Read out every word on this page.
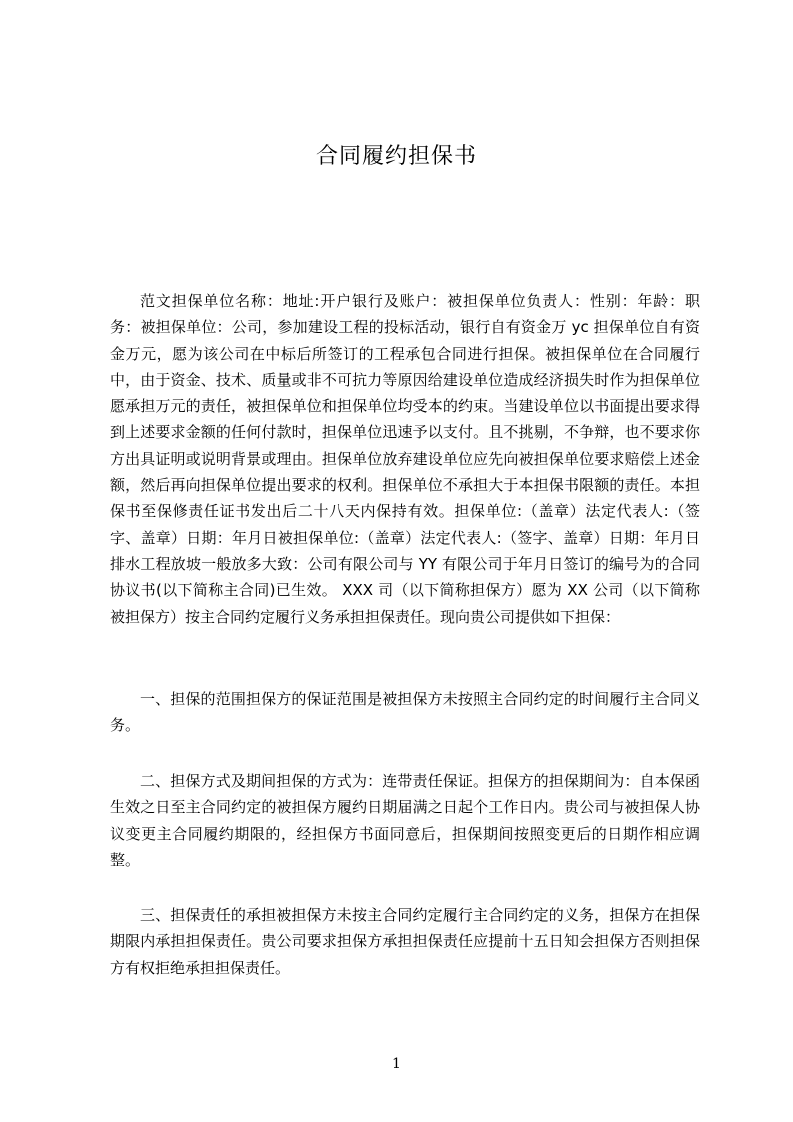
合同履约担保书

范文担保单位名称：地址:开户银行及账户：被担保单位负责人：性别：年龄：职务：被担保单位：公司，参加建设工程的投标活动，银行自有资金万 yc 担保单位自有资金万元，愿为该公司在中标后所签订的工程承包合同进行担保。被担保单位在合同履行中，由于资金、技术、质量或非不可抗力等原因给建设单位造成经济损失时作为担保单位愿承担万元的责任，被担保单位和担保单位均受本的约束。当建设单位以书面提出要求得到上述要求金额的任何付款时，担保单位迅速予以支付。且不挑剔，不争辩，也不要求你方出具证明或说明背景或理由。担保单位放弃建设单位应先向被担保单位要求赔偿上述金额，然后再向担保单位提出要求的权利。担保单位不承担大于本担保书限额的责任。本担保书至保修责任证书发出后二十八天内保持有效。担保单位:（盖章）法定代表人:（签字、盖章）日期：年月日被担保单位:（盖章）法定代表人:（签字、盖章）日期：年月日排水工程放坡一般放多大致：公司有限公司与 YY 有限公司于年月日签订的编号为的合同协议书(以下简称主合同)已生效。 XXX 司（以下简称担保方）愿为 XX 公司（以下简称被担保方）按主合同约定履行义务承担担保责任。现向贵公司提供如下担保：

一、担保的范围担保方的保证范围是被担保方未按照主合同约定的时间履行主合同义务。

二、担保方式及期间担保的方式为：连带责任保证。担保方的担保期间为：自本保函生效之日至主合同约定的被担保方履约日期届满之日起个工作日内。贵公司与被担保人协议变更主合同履约期限的，经担保方书面同意后，担保期间按照变更后的日期作相应调整。

三、担保责任的承担被担保方未按主合同约定履行主合同约定的义务，担保方在担保期限内承担担保责任。贵公司要求担保方承担担保责任应提前十五日知会担保方否则担保方有权拒绝承担担保责任。

1
